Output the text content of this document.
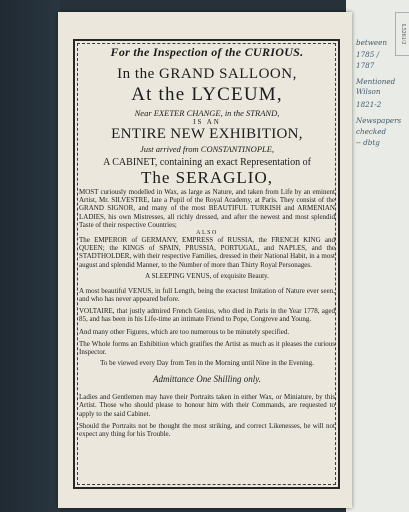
For the Inspection of the CURIOUS.

In the GRAND SALLOON,

At the LYCEUM,

Near EXETER CHANGE, in the STRAND,

IS AN

ENTIRE NEW EXHIBITION,

Just arrived from CONSTANTINOPLE,

A CABINET, containing an exact Representation of

The SERAGLIO,

MOST curiously modelled in Wax, as large as Nature, and taken from Life by an eminent Artist, Mr. SILVESTRE, late a Pupil of the Royal Academy, at Paris. They consist of the GRAND SIGNOR, and many of the most BEAUTIFUL TURKISH and ARMENIAN LADIES, his own Mistresses, all richly dressed, and after the newest and most splendid Taste of their respective Countries;

ALSO

The EMPEROR of GERMANY, EMPRESS of RUSSIA, the FRENCH KING and QUEEN; the KINGS of SPAIN, PRUSSIA, PORTUGAL, and NAPLES, and the STADTHOLDER, with their respective Families, dressed in their National Habit, in a most august and splendid Manner, to the Number of more than Thirty Royal Personages.

A SLEEPING VENUS, of exquisite Beauty.

A most beautiful VENUS, in full Length, being the exactest Imitation of Nature ever seen, and who has never appeared before.

VOLTAIRE, that justly admired French Genius, who died in Paris in the Year 1778, aged 85, and has been in his Life-time an intimate Friend to Pope, Congreve and Young.

And many other Figures, which are too numerous to be minutely specified.

The Whole forms an Exhibition which gratifies the Artist as much as it pleases the curious Inspector.

To be viewed every Day from Ten in the Morning until Nine in the Evening.

Admittance One Shilling only.

Ladies and Gentlemen may have their Portraits taken in either Wax, or Miniature, by this Artist. Those who should please to honour him with their Commands, are requested to apply to the said Cabinet.

Should the Portraits not be thought the most striking, and correct Likenesses, he will not expect any thing for his Trouble.

between
1785 /
1787
Mentioned
Wilson
1821-2
Newspapers
checked
-- dbtg
L5261/2
